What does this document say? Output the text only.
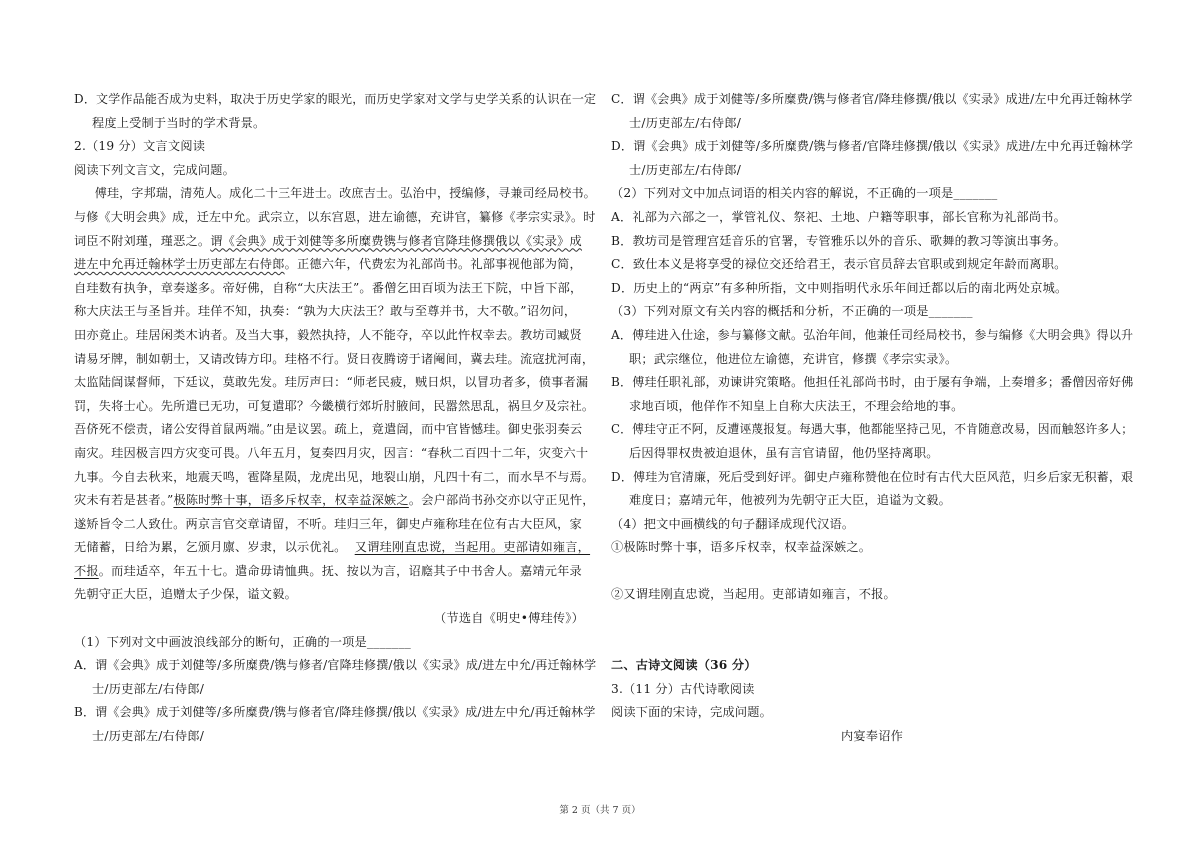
D．文学作品能否成为史料，取决于历史学家的眼光，而历史学家对文学与史学关系的认识在一定

程度上受制于当时的学术背景。

2.（19 分）文言文阅读

阅读下列文言文，完成问题。

傅珪，字邦瑞，清苑人。成化二十三年进士。改庶吉士。弘治中，授编修，寻兼司经局校书。

与修《大明会典》成，迁左中允。武宗立，以东宫恩，进左谕德，充讲官，纂修《孝宗实录》。时

词臣不附刘瑾，瑾恶之。谓《会典》成于刘健等多所糜费镌与修者官降珪修撰俄以《实录》成

进左中允再迁翰林学士历吏部左右侍郎。正德六年，代费宏为礼部尚书。礼部事视他部为简，

自珪数有执争，章奏遂多。帝好佛，自称“大庆法王”。番僧乞田百顷为法王下院，中旨下部，

称大庆法王与圣旨并。珪佯不知，执奏：“孰为大庆法王？敢与至尊并书，大不敬。”诏勿问，

田亦竟止。珪居闲类木讷者。及当大事，毅然执持，人不能夺，卒以此忤权幸去。教坊司臧贤

请易牙牌，制如朝士，又请改铸方印。珪格不行。贤日夜腾谤于诸阉间，冀去珪。流寇扰河南，

太监陆訚谋督师，下廷议，莫敢先发。珪厉声曰：“师老民疲，贼日炽，以冒功者多，偾事者漏

罚，失将士心。先所遣已无功，可复遣耶？今畿横行郊圻肘腋间，民嚣然思乱，祸旦夕及宗社。

吾侪死不偿责，诸公安得首鼠两端。”由是议罢。疏上，竟遣訚，而中官皆憾珪。御史张羽奏云

南灾。珪因极言四方灾变可畏。八年五月，复奏四月灾，因言：“春秋二百四十二年，灾变六十

九事。今自去秋来，地震天鸣，雹降星陨，龙虎出见，地裂山崩，凡四十有二，而水旱不与焉。

灾未有若是甚者。”极陈时弊十事，语多斥权幸，权幸益深嫉之。会户部尚书孙交亦以守正见忤，

遂矫旨令二人致仕。两京言官交章请留，不听。珪归三年，御史卢雍称珪在位有古大臣风，家

无储蓄，日给为累，乞颁月廪、岁隶，以示优礼。 又谓珪刚直忠谠，当起用。吏部请如雍言，

不报。而珪适卒，年五十七。遣命毋请恤典。抚、按以为言，诏廕其子中书舍人。嘉靖元年录

先朝守正大臣，追赠太子少保，谥文毅。

（节选自《明史•傅珪传》）

（1）下列对文中画波浪线部分的断句，正确的一项是_______

A．谓《会典》成于刘健等/多所糜费/镌与修者/官降珪修撰/俄以《实录》成/进左中允/再迁翰林学

士/历吏部左/右侍郎/

B．谓《会典》成于刘健等/多所糜费/镌与修者官/降珪修撰/俄以《实录》成/进左中允/再迁翰林学

士/历吏部左/右侍郎/

C．谓《会典》成于刘健等/多所糜费/镌与修者官/降珪修撰/俄以《实录》成进/左中允再迁翰林学

士/历吏部左/右侍郎/

D．谓《会典》成于刘健等/多所糜费/镌与修者/官降珪修撰/俄以《实录》成进/左中允再迁翰林学

士/历吏部左/右侍郎/

（2）下列对文中加点词语的相关内容的解说，不正确的一项是_______

A．礼部为六部之一，掌管礼仪、祭祀、土地、户籍等职事，部长官称为礼部尚书。

B．教坊司是管理宫廷音乐的官署，专管雅乐以外的音乐、歌舞的教习等演出事务。

C．致仕本义是将享受的禄位交还给君王，表示官员辞去官职或到规定年龄而离职。

D．历史上的“两京”有多种所指，文中则指明代永乐年间迁都以后的南北两处京城。

（3）下列对原文有关内容的概括和分析，不正确的一项是_______

A．傅珪进入仕途，参与纂修文献。弘治年间，他兼任司经局校书，参与编修《大明会典》得以升

职；武宗继位，他进位左谕德，充讲官，修撰《孝宗实录》。

B．傅珪任职礼部，劝谏讲究策略。他担任礼部尚书时，由于屡有争端，上奏增多；番僧因帝好佛

求地百顷，他佯作不知皇上自称大庆法王，不理会给地的事。

C．傅珪守正不阿，反遭诬蔑报复。每遇大事，他都能坚持己见，不肯随意改易，因而触怒许多人；

后因得罪权贵被迫退休，虽有言官请留，他仍坚持离职。

D．傅珪为官清廉，死后受到好评。御史卢雍称赞他在位时有古代大臣风范，归乡后家无积蓄，艰

难度日；嘉靖元年，他被列为先朝守正大臣，追谥为文毅。

（4）把文中画横线的句子翻译成现代汉语。

①极陈时弊十事，语多斥权幸，权幸益深嫉之。

②又谓珪刚直忠谠，当起用。吏部请如雍言，不报。

二、古诗文阅读（36 分）

3.（11 分）古代诗歌阅读

阅读下面的宋诗，完成问题。

内宴奉诏作

第 2 页（共 7 页）
